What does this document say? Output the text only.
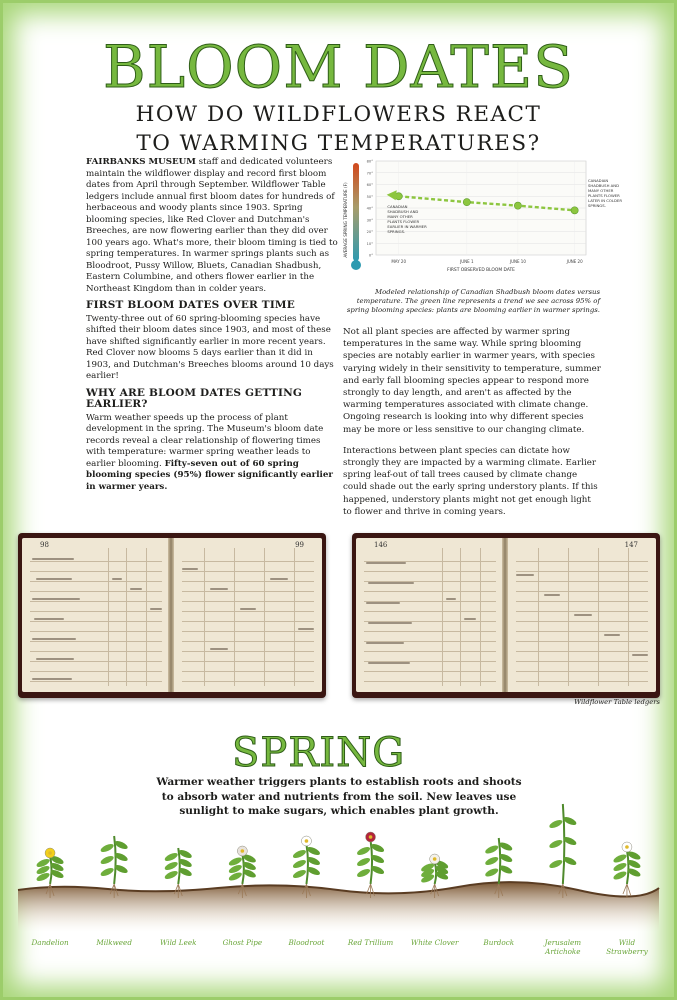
BLOOM DATES
HOW DO WILDFLOWERS REACT
TO WARMING TEMPERATURES?

FAIRBANKS MUSEUM staff and dedicated volunteers maintain the wildflower display and record first bloom dates from April through September. Wildflower Table ledgers include annual first bloom dates for hundreds of herbaceous and woody plants since 1903. Spring blooming species, like Red Clover and Dutchman's Breeches, are now flowering earlier than they did over 100 years ago. What's more, their bloom timing is tied to spring temperatures. In warmer springs plants such as Bloodroot, Pussy Willow, Bluets, Canadian Shadbush, Eastern Columbine, and others flower earlier in the Northeast Kingdom than in colder years.

FIRST BLOOM DATES OVER TIME

Twenty-three out of 60 spring-blooming species have shifted their bloom dates since 1903, and most of these have shifted significantly earlier in more recent years. Red Clover now blooms 5 days earlier than it did in 1903, and Dutchman's Breeches blooms around 10 days earlier!

WHY ARE BLOOM DATES GETTING EARLIER?

Warm weather speeds up the process of plant development in the spring. The Museum's bloom date records reveal a clear relationship of flowering times with temperature: warmer spring weather leads to earlier blooming. Fifty-seven out of 60 spring blooming species (95%) flower significantly earlier in warmer years.

0°
10°
20°
30°
40°
50°
60°
70°
80°
MAY 20	JUNE 1	JUNE 10	JUNE 20
AVERAGE SPRING TEMPERATURE (F)
FIRST OBSERVED BLOOM DATE
CANADIAN
SHADBUSH AND
MANY OTHER
PLANTS FLOWER
EARLIER IN WARMER
SPRINGS.
CANADIAN
SHADBUSH AND
MANY OTHER
PLANTS FLOWER
LATER IN COLDER
SPRINGS.
Modeled relationship of Canadian Shadbush bloom dates versus temperature. The green line represents a trend we see across 95% of spring blooming species: plants are blooming earlier in warmer springs.

Not all plant species are affected by warmer spring temperatures in the same way. While spring blooming species are notably earlier in warmer years, with species varying widely in their sensitivity to temperature, summer and early fall blooming species appear to respond more strongly to day length, and aren't as affected by the warming temperatures associated with climate change. Ongoing research is looking into why different species may be more or less sensitive to our changing climate.

Interactions between plant species can dictate how strongly they are impacted by a warming climate. Earlier spring leaf-out of tall trees caused by climate change could shade out the early spring understory plants. If this happened, understory plants might not get enough light to flower and thrive in coming years.

98	99	146	147
Wildflower Table ledgers
SPRING
Warmer weather triggers plants to establish roots and shoots to absorb water and nutrients from the soil. New leaves use sunlight to make sugars, which enables plant growth.
Dandelion	Milkweed	Wild Leek	Ghost Pipe	Bloodroot	Red Trillium	White Clover	Burdock	Jerusalem Artichoke
Wild Strawberry
